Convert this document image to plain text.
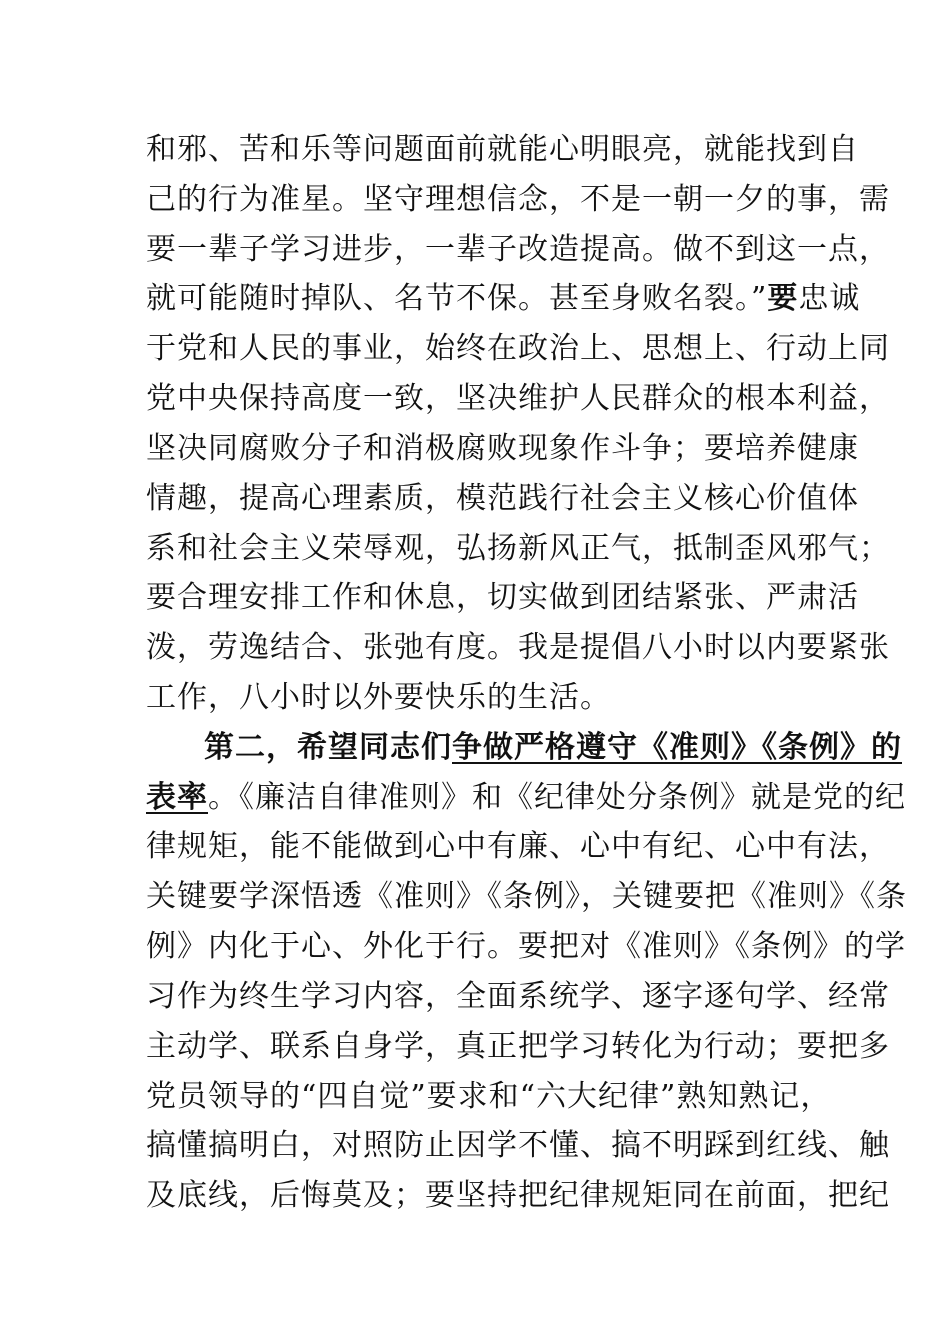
和邪、苦和乐等问题面前就能心明眼亮，就能找到自
己的行为准星。坚守理想信念，不是一朝一夕的事，需
要一辈子学习进步，一辈子改造提高。做不到这一点，
就可能随时掉队、名节不保。甚至身败名裂。”要忠诚
于党和人民的事业，始终在政治上、思想上、行动上同
党中央保持高度一致，坚决维护人民群众的根本利益，
坚决同腐败分子和消极腐败现象作斗争；要培养健康
情趣，提高心理素质，模范践行社会主义核心价值体
系和社会主义荣辱观，弘扬新风正气，抵制歪风邪气；
要合理安排工作和休息，切实做到团结紧张、严肃活
泼，劳逸结合、张弛有度。我是提倡八小时以内要紧张
工作，八小时以外要快乐的生活。
第二，希望同志们争做严格遵守《准则》《条例》的
表率。《廉洁自律准则》和《纪律处分条例》就是党的纪
律规矩，能不能做到心中有廉、心中有纪、心中有法，
关键要学深悟透《准则》《条例》，关键要把《准则》《条
例》内化于心、外化于行。要把对《准则》《条例》的学
习作为终生学习内容，全面系统学、逐字逐句学、经常
主动学、联系自身学，真正把学习转化为行动；要把多
党员领导的“四自觉”要求和“六大纪律”熟知熟记，
搞懂搞明白，对照防止因学不懂、搞不明踩到红线、触
及底线，后悔莫及；要坚持把纪律规矩同在前面，把纪
